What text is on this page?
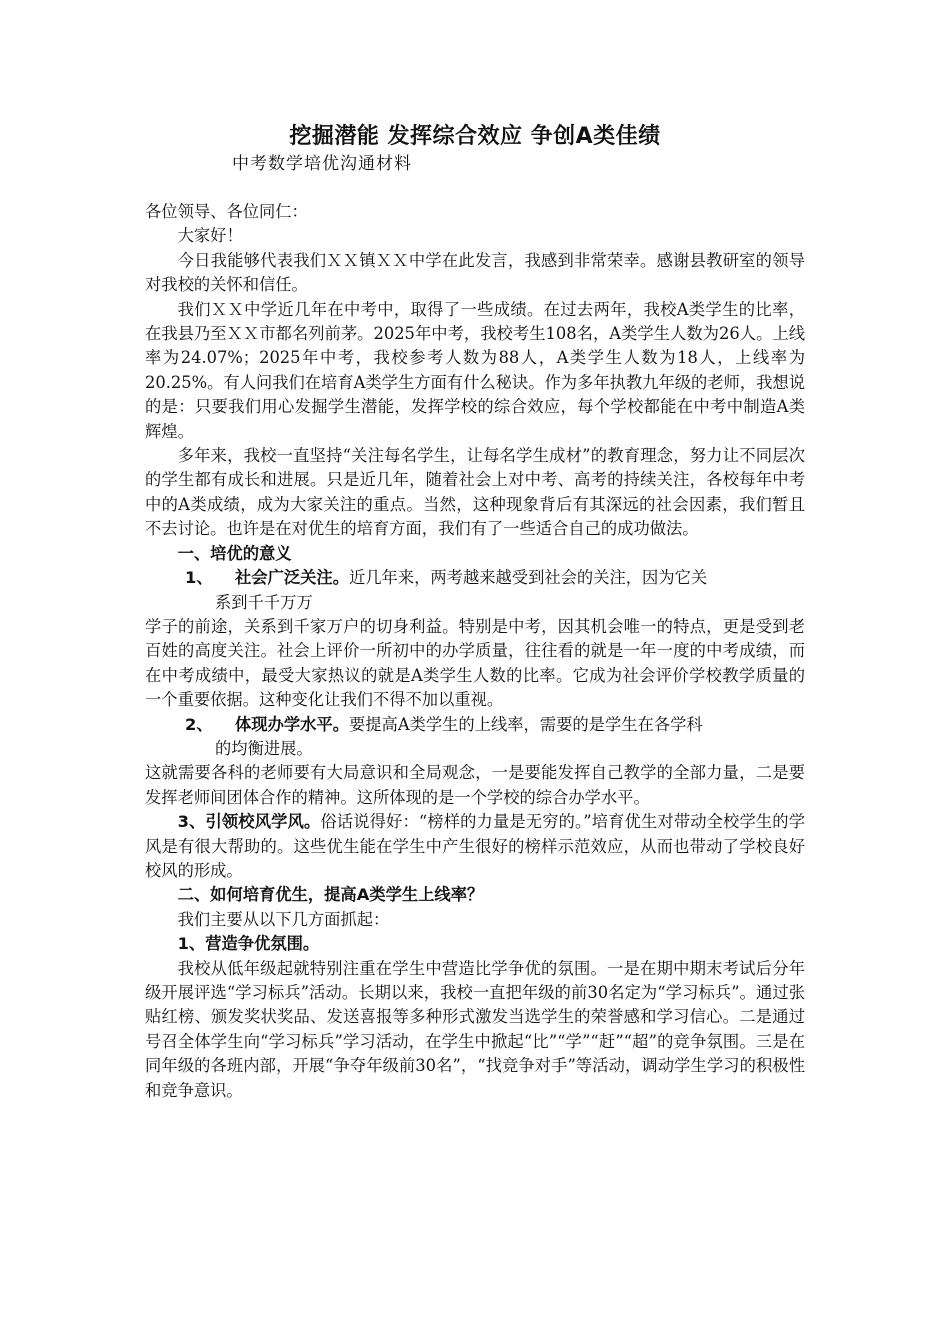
挖掘潜能 发挥综合效应 争创A类佳绩
中考数学培优沟通材料

各位领导、各位同仁：

大家好！

今日我能够代表我们ＸＸ镇ＸＸ中学在此发言，我感到非常荣幸。感谢县教研室的领导对我校的关怀和信任。

我们ＸＸ中学近几年在中考中，取得了一些成绩。在过去两年，我校A类学生的比率，在我县乃至ＸＸ市都名列前茅。2025年中考，我校考生108名，A类学生人数为26人。上线率为24.07%；2025年中考，我校参考人数为88人，A类学生人数为18人，上线率为20.25%。有人问我们在培育A类学生方面有什么秘诀。作为多年执教九年级的老师，我想说的是：只要我们用心发掘学生潜能，发挥学校的综合效应，每个学校都能在中考中制造A类辉煌。

多年来，我校一直坚持“关注每名学生，让每名学生成材”的教育理念，努力让不同层次的学生都有成长和进展。只是近几年，随着社会上对中考、高考的持续关注，各校每年中考中的A类成绩，成为大家关注的重点。当然，这种现象背后有其深远的社会因素，我们暂且不去讨论。也许是在对优生的培育方面，我们有了一些适合自己的成功做法。

一、培优的意义

1、 社会广泛关注。近几年来，两考越来越受到社会的关注，因为它关

系到千千万万

学子的前途，关系到千家万户的切身利益。特别是中考，因其机会唯一的特点，更是受到老百姓的高度关注。社会上评价一所初中的办学质量，往往看的就是一年一度的中考成绩，而在中考成绩中，最受大家热议的就是A类学生人数的比率。它成为社会评价学校教学质量的一个重要依据。这种变化让我们不得不加以重视。

2、 体现办学水平。要提高A类学生的上线率，需要的是学生在各学科

的均衡进展。

这就需要各科的老师要有大局意识和全局观念，一是要能发挥自己教学的全部力量，二是要发挥老师间团体合作的精神。这所体现的是一个学校的综合办学水平。

3、引领校风学风。俗话说得好：“榜样的力量是无穷的。”培育优生对带动全校学生的学风是有很大帮助的。这些优生能在学生中产生很好的榜样示范效应，从而也带动了学校良好校风的形成。

二、如何培育优生，提高A类学生上线率？

我们主要从以下几方面抓起：

1、营造争优氛围。

我校从低年级起就特别注重在学生中营造比学争优的氛围。一是在期中期末考试后分年级开展评选“学习标兵”活动。长期以来，我校一直把年级的前30名定为“学习标兵”。通过张贴红榜、颁发奖状奖品、发送喜报等多种形式激发当选学生的荣誉感和学习信心。二是通过号召全体学生向“学习标兵”学习活动，在学生中掀起“比”“学”“赶”“超”的竞争氛围。三是在同年级的各班内部，开展“争夺年级前30名”，“找竞争对手”等活动，调动学生学习的积极性和竞争意识。
